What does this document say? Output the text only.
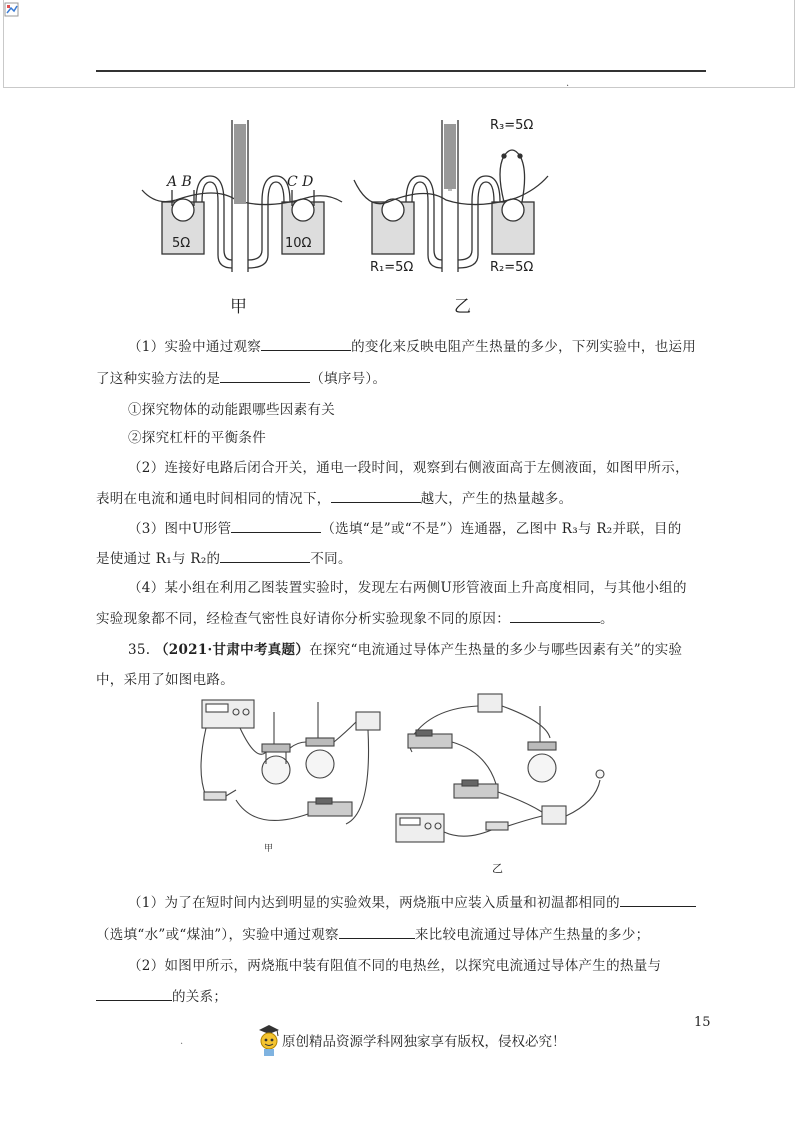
.
A B	C D
5Ω	10Ω
R₁=5Ω	R₂=5Ω
R₃=5Ω
甲	乙
（1）实验中通过观察	的变化来反映电阻产生热量的多少，下列实验中，也运用
了这种实验方法的是	（填序号）。
①探究物体的动能跟哪些因素有关
②探究杠杆的平衡条件
（2）连接好电路后闭合开关，通电一段时间，观察到右侧液面高于左侧液面，如图甲所示，
表明在电流和通电时间相同的情况下，	越大，产生的热量越多。
（3）图中U形管	（选填“是”或“不是”）连通器，乙图中 R₃与 R₂并联，目的
是使通过 R₁与 R₂的	不同。
（4）某小组在利用乙图装置实验时，发现左右两侧U形管液面上升高度相同，与其他小组的
实验现象都不同，经检查气密性良好请你分析实验现象不同的原因：	。
35. （2021·甘肃中考真题）在探究“电流通过导体产生热量的多少与哪些因素有关”的实验
中，采用了如图电路。
甲
乙
（1）为了在短时间内达到明显的实验效果，两烧瓶中应装入质量和初温都相同的
（选填“水”或“煤油”），实验中通过观察	来比较电流通过导体产生热量的多少；
（2）如图甲所示，两烧瓶中装有阻值不同的电热丝，以探究电流通过导体产生的热量与
的关系；
15
.	原创精品资源学科网独家享有版权，侵权必究！
